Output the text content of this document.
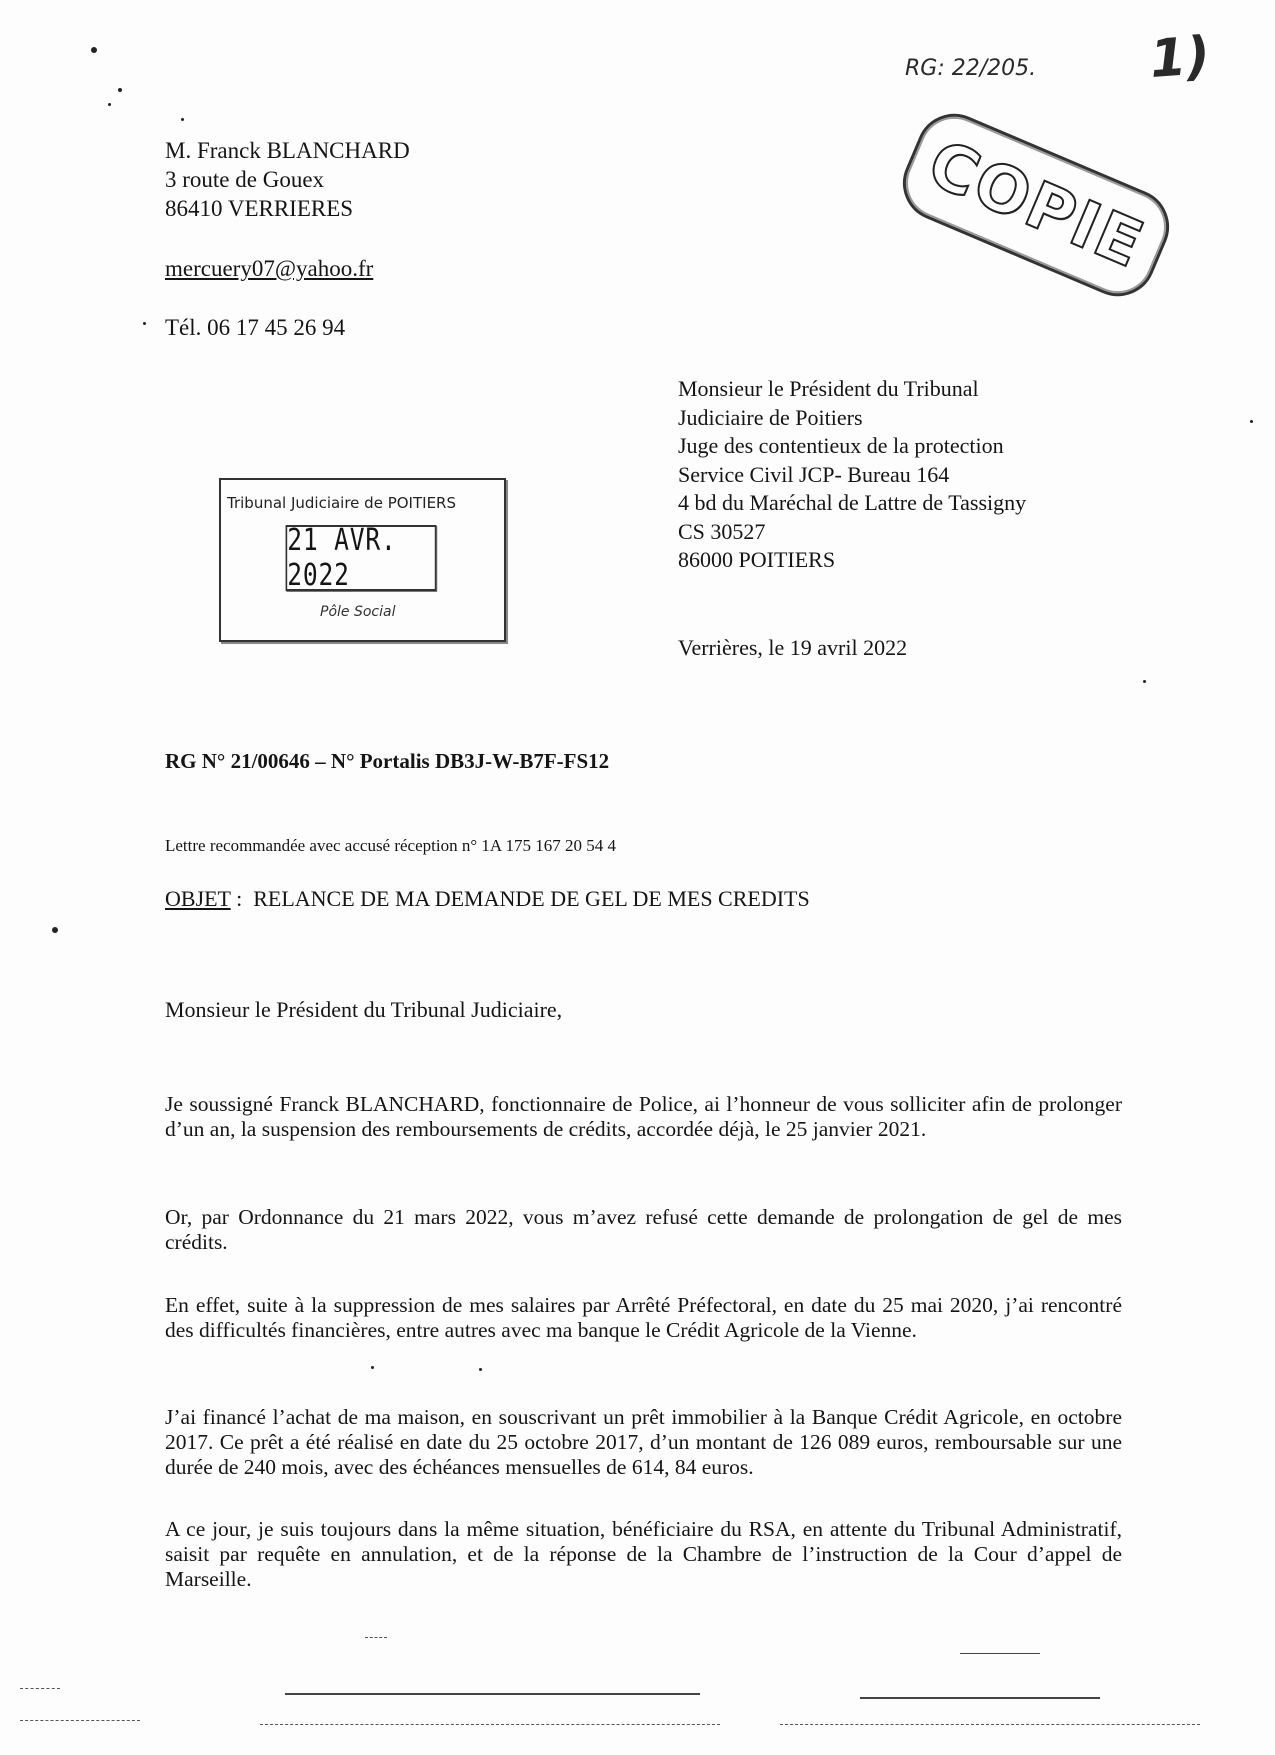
RG: 22/205. 1)
COPIE
M. Franck BLANCHARD
3 route de Gouex
86410 VERRIERES
mercuery07@yahoo.fr
Tél. 06 17 45 26 94
Monsieur le Président du Tribunal
Judiciaire de Poitiers
Juge des contentieux de la protection
Service Civil JCP- Bureau 164
4 bd du Maréchal de Lattre de Tassigny
CS 30527
86000 POITIERS
Tribunal Judiciaire de POITIERS
21 AVR. 2022
Pôle Social
Verrières, le 19 avril 2022
RG N° 21/00646 – N° Portalis DB3J-W-B7F-FS12
Lettre recommandée avec accusé réception n° 1A 175 167 20 54 4
OBJET :  RELANCE DE MA DEMANDE DE GEL DE MES CREDITS
Monsieur le Président du Tribunal Judiciaire,
Je soussigné Franck BLANCHARD, fonctionnaire de Police, ai l’honneur de vous solliciter afin de prolonger d’un an, la suspension des remboursements de crédits, accordée déjà, le 25 janvier 2021.
Or, par Ordonnance du 21 mars 2022, vous m’avez refusé cette demande de prolongation de gel de mes crédits.
En effet, suite à la suppression de mes salaires par Arrêté Préfectoral, en date du 25 mai 2020, j’ai rencontré des difficultés financières, entre autres avec ma banque le Crédit Agricole de la Vienne.
J’ai financé l’achat de ma maison, en souscrivant un prêt immobilier à la Banque Crédit Agricole, en octobre 2017. Ce prêt a été réalisé en date du 25 octobre 2017, d’un montant de 126 089 euros, remboursable sur une durée de 240 mois, avec des échéances mensuelles de 614, 84 euros.
A ce jour, je suis toujours dans la même situation, bénéficiaire du RSA, en attente du Tribunal Administratif, saisit par requête en annulation, et de la réponse de la Chambre de l’instruction de la Cour d’appel de Marseille.
